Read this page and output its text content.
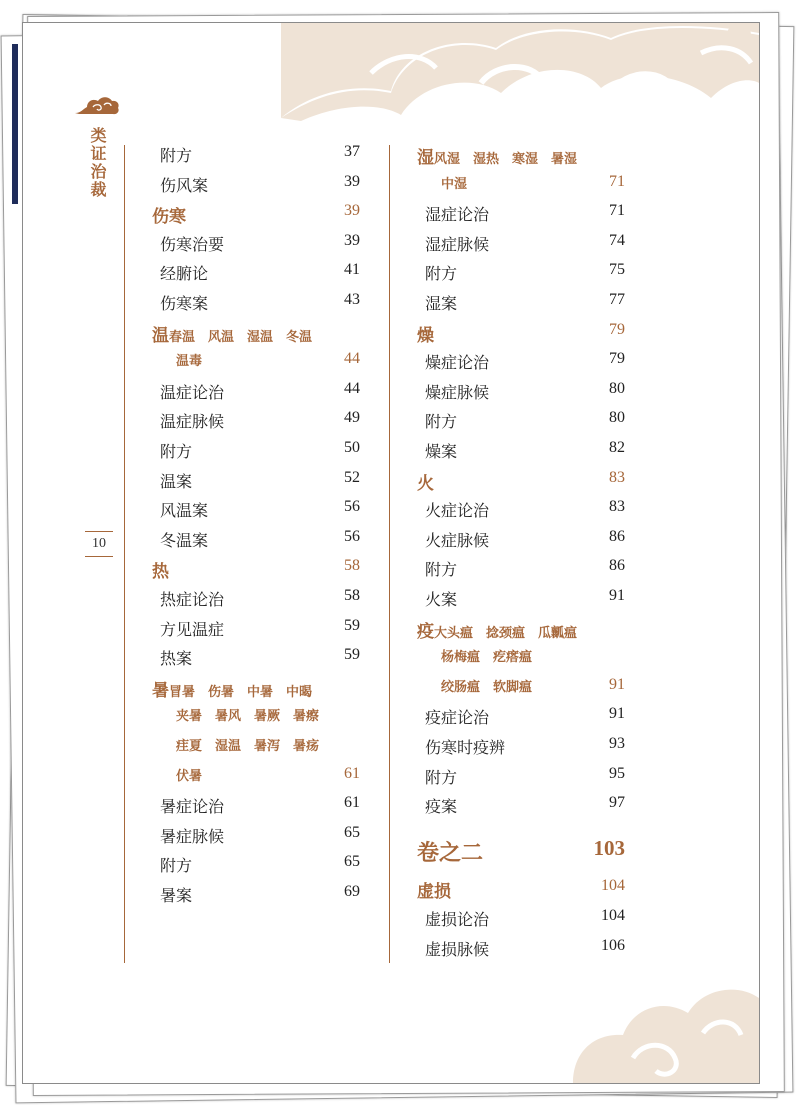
类证治裁
10
附方	37
伤风案	39
伤寒	39
伤寒治要	39
经腑论	41
伤寒案	43
温春温　风温　湿温　冬温
温毒	44
温症论治	44
温症脉候	49
附方	50
温案	52
风温案	56
冬温案	56
热	58
热症论治	58
方见温症	59
热案	59
暑冒暑　伤暑　中暑　中暍
夹暑　暑风　暑厥　暑瘵
疰夏　湿温　暑泻　暑疡
伏暑	61
暑症论治	61
暑症脉候	65
附方	65
暑案	69
湿风湿　湿热　寒湿　暑湿
中湿	71
湿症论治	71
湿症脉候	74
附方	75
湿案	77
燥	79
燥症论治	79
燥症脉候	80
附方	80
燥案	82
火	83
火症论治	83
火症脉候	86
附方	86
火案	91
疫大头瘟　捻颈瘟　瓜瓤瘟
杨梅瘟　疙瘩瘟
绞肠瘟　软脚瘟	91
疫症论治	91
伤寒时疫辨	93
附方	95
疫案	97
卷之二	103
虚损	104
虚损论治	104
虚损脉候	106
